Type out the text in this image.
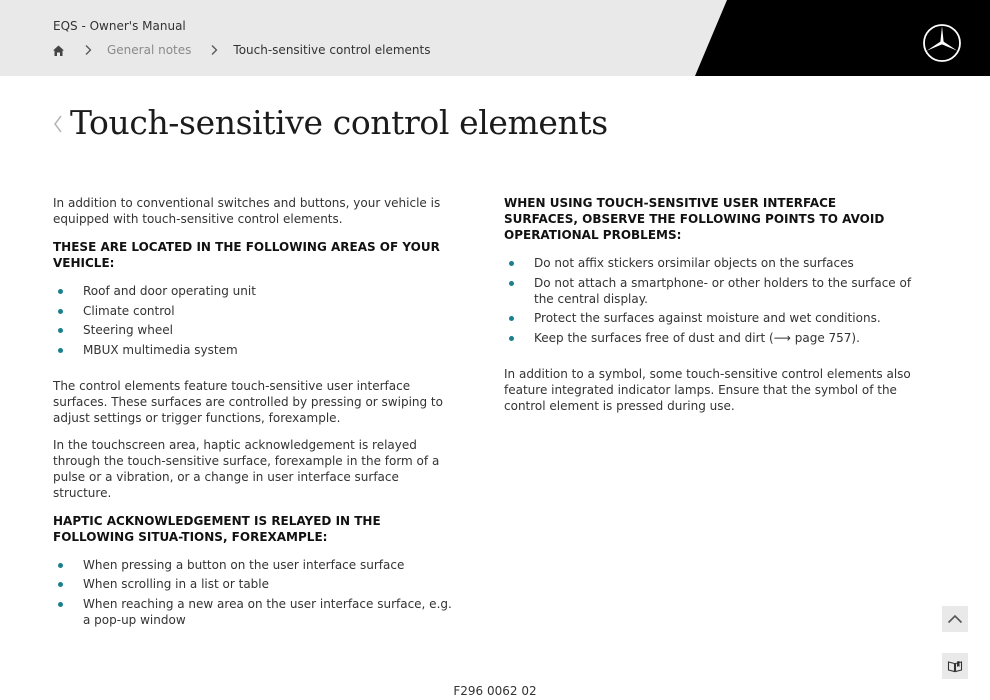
EQS - Owner's Manual
General notes	Touch-sensitive control elements
Touch-sensitive control elements

In addition to conventional switches and buttons, your vehicle is equipped with touch-sensitive control elements.

THESE ARE LOCATED IN THE FOLLOWING AREAS OF YOUR VEHICLE:
Roof and door operating unit
Climate control
Steering wheel
MBUX multimedia system

The control elements feature touch-sensitive user interface surfaces. These surfaces are controlled by pressing or swiping to adjust settings or trigger functions, forexample.

In the touchscreen area, haptic acknowledgement is relayed through the touch-sensitive surface, forexample in the form of a pulse or a vibration, or a change in user interface surface structure.

HAPTIC ACKNOWLEDGEMENT IS RELAYED IN THE FOLLOWING SITUA-TIONS, FOREXAMPLE:
When pressing a button on the user interface surface
When scrolling in a list or table
When reaching a new area on the user interface surface, e.g. a pop-up window
WHEN USING TOUCH-SENSITIVE USER INTERFACE SURFACES, OBSERVE THE FOLLOWING POINTS TO AVOID OPERATIONAL PROBLEMS:
Do not affix stickers orsimilar objects on the surfaces
Do not attach a smartphone- or other holders to the surface of the central display.
Protect the surfaces against moisture and wet conditions.
Keep the surfaces free of dust and dirt (⟶ page 757).

In addition to a symbol, some touch-sensitive control elements also feature integrated indicator lamps. Ensure that the symbol of the control element is pressed during use.

F296 0062 02
